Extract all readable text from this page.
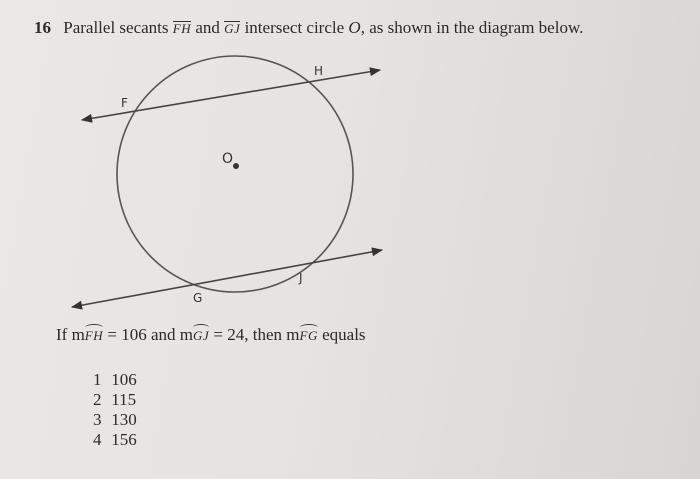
16 Parallel secants FH and GJ intersect circle O, as shown in the diagram below.
O
F
H
G
J
If mFH = 106 and mGJ = 24, then mFG equals
1 106
2 115
3 130
4 156
